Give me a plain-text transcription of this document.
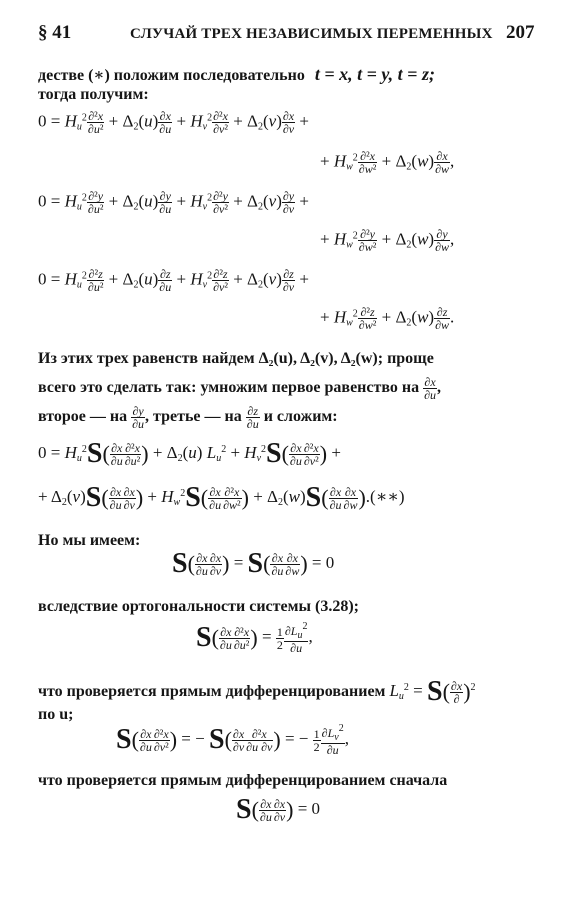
§ 41	СЛУЧАЙ ТРЕХ НЕЗАВИСИМЫХ ПЕРЕМЕННЫХ 207
дестве (∗) положим последовательно t = x, t = y, t = z;
тогда получим:
$0 = H_u^2 \frac{\text{∂²x}}{\text{∂u²}} + \Delta_2(u) \frac{\partial x}{\partial u} + H_v^2 \frac{\text{∂²x}}{\text{∂v²}} + \Delta_2(v) \frac{\partial x}{\partial v}$ +
+ $H_w^2 \frac{\text{∂²x}}{\text{∂w²}} + \Delta_2(w) \frac{\partial x}{\partial w}$ ,
$0 = H_u^2 \frac{\text{∂²y}}{\text{∂u²}} + \Delta_2(u) \frac{\partial y}{\partial u} + H_v^2 \frac{\text{∂²y}}{\text{∂v²}} + \Delta_2(v) \frac{\partial y}{\partial v}$ +
+ $H_w^2 \frac{\text{∂²y}}{\text{∂w²}} + \Delta_2(w) \frac{\partial y}{\partial w}$ ,
$0 = H_u^2 \frac{\text{∂²z}}{\text{∂u²}} + \Delta_2(u) \frac{\partial z}{\partial u} + H_v^2 \frac{\text{∂²z}}{\text{∂v²}} + \Delta_2(v) \frac{\partial z}{\partial v}$ +
+ $H_w^2 \frac{\text{∂²z}}{\text{∂w²}} + \Delta_2(w) \frac{\partial z}{\partial w}$ .
Из этих трех равенств найдем Δ₂(u), Δ₂(v), Δ₂(w); проще
всего это сделать так: умножим первое равенство на $\frac{\partial x}{\partial u}$ ,
второе — на $\frac{\partial y}{\partial u}$ , третье — на $\frac{\partial z}{\partial u}$ и сложим:
$0 = H_u^2S( \frac{\partial x}{\partial u} \frac{\text{∂²x}}{\text{∂u²}}$ ) + $\Delta_2(u) L_u^2 + H_v^2S( \frac{\partial x}{\partial u} \frac{\text{∂²x}}{\text{∂v²}}$ ) +
+ $\Delta_2(v)S( \frac{\partial x}{\partial u} \frac{\partial x}{\partial v}$ ) + $H_w^2S( \frac{\partial x}{\partial u} \frac{\text{∂²x}}{\text{∂w²}}$ ) + $\Delta_2(w)S( \frac{\partial x}{\partial u} \frac{\partial x}{\partial w}$ ).(∗∗)
Но мы имеем:
$S( \frac{\partial x}{\partial u} \frac{\partial x}{\partial v}$ ) = $S( \frac{\partial x}{\partial u} \frac{\partial x}{\partial w}$ ) = 0
вследствие ортогональности системы (3.28);
$S( \frac{\partial x}{\partial u} \frac{\text{∂²x}}{\text{∂u²}}$ ) = $\frac{1}{2} \frac{\partial L_u^2}{\partial u}$ ,
что проверяется прямым дифференцированием $L_u^2 = S( \frac{\partial x}{\partial} )^2$
по u;
$S( \frac{\partial x}{\partial u} \frac{\text{∂²x}}{\text{∂v²}}$ ) = − $S( \frac{\partial x}{\partial v} \frac{\text{∂²x}}{\partial u \partial v}$ ) = − $\frac{1}{2} \frac{\partial L_v^2}{\partial u}$ ,
что проверяется прямым дифференцированием сначала
$S( \frac{\partial x}{\partial u} \frac{\partial x}{\partial v}$ ) = 0
